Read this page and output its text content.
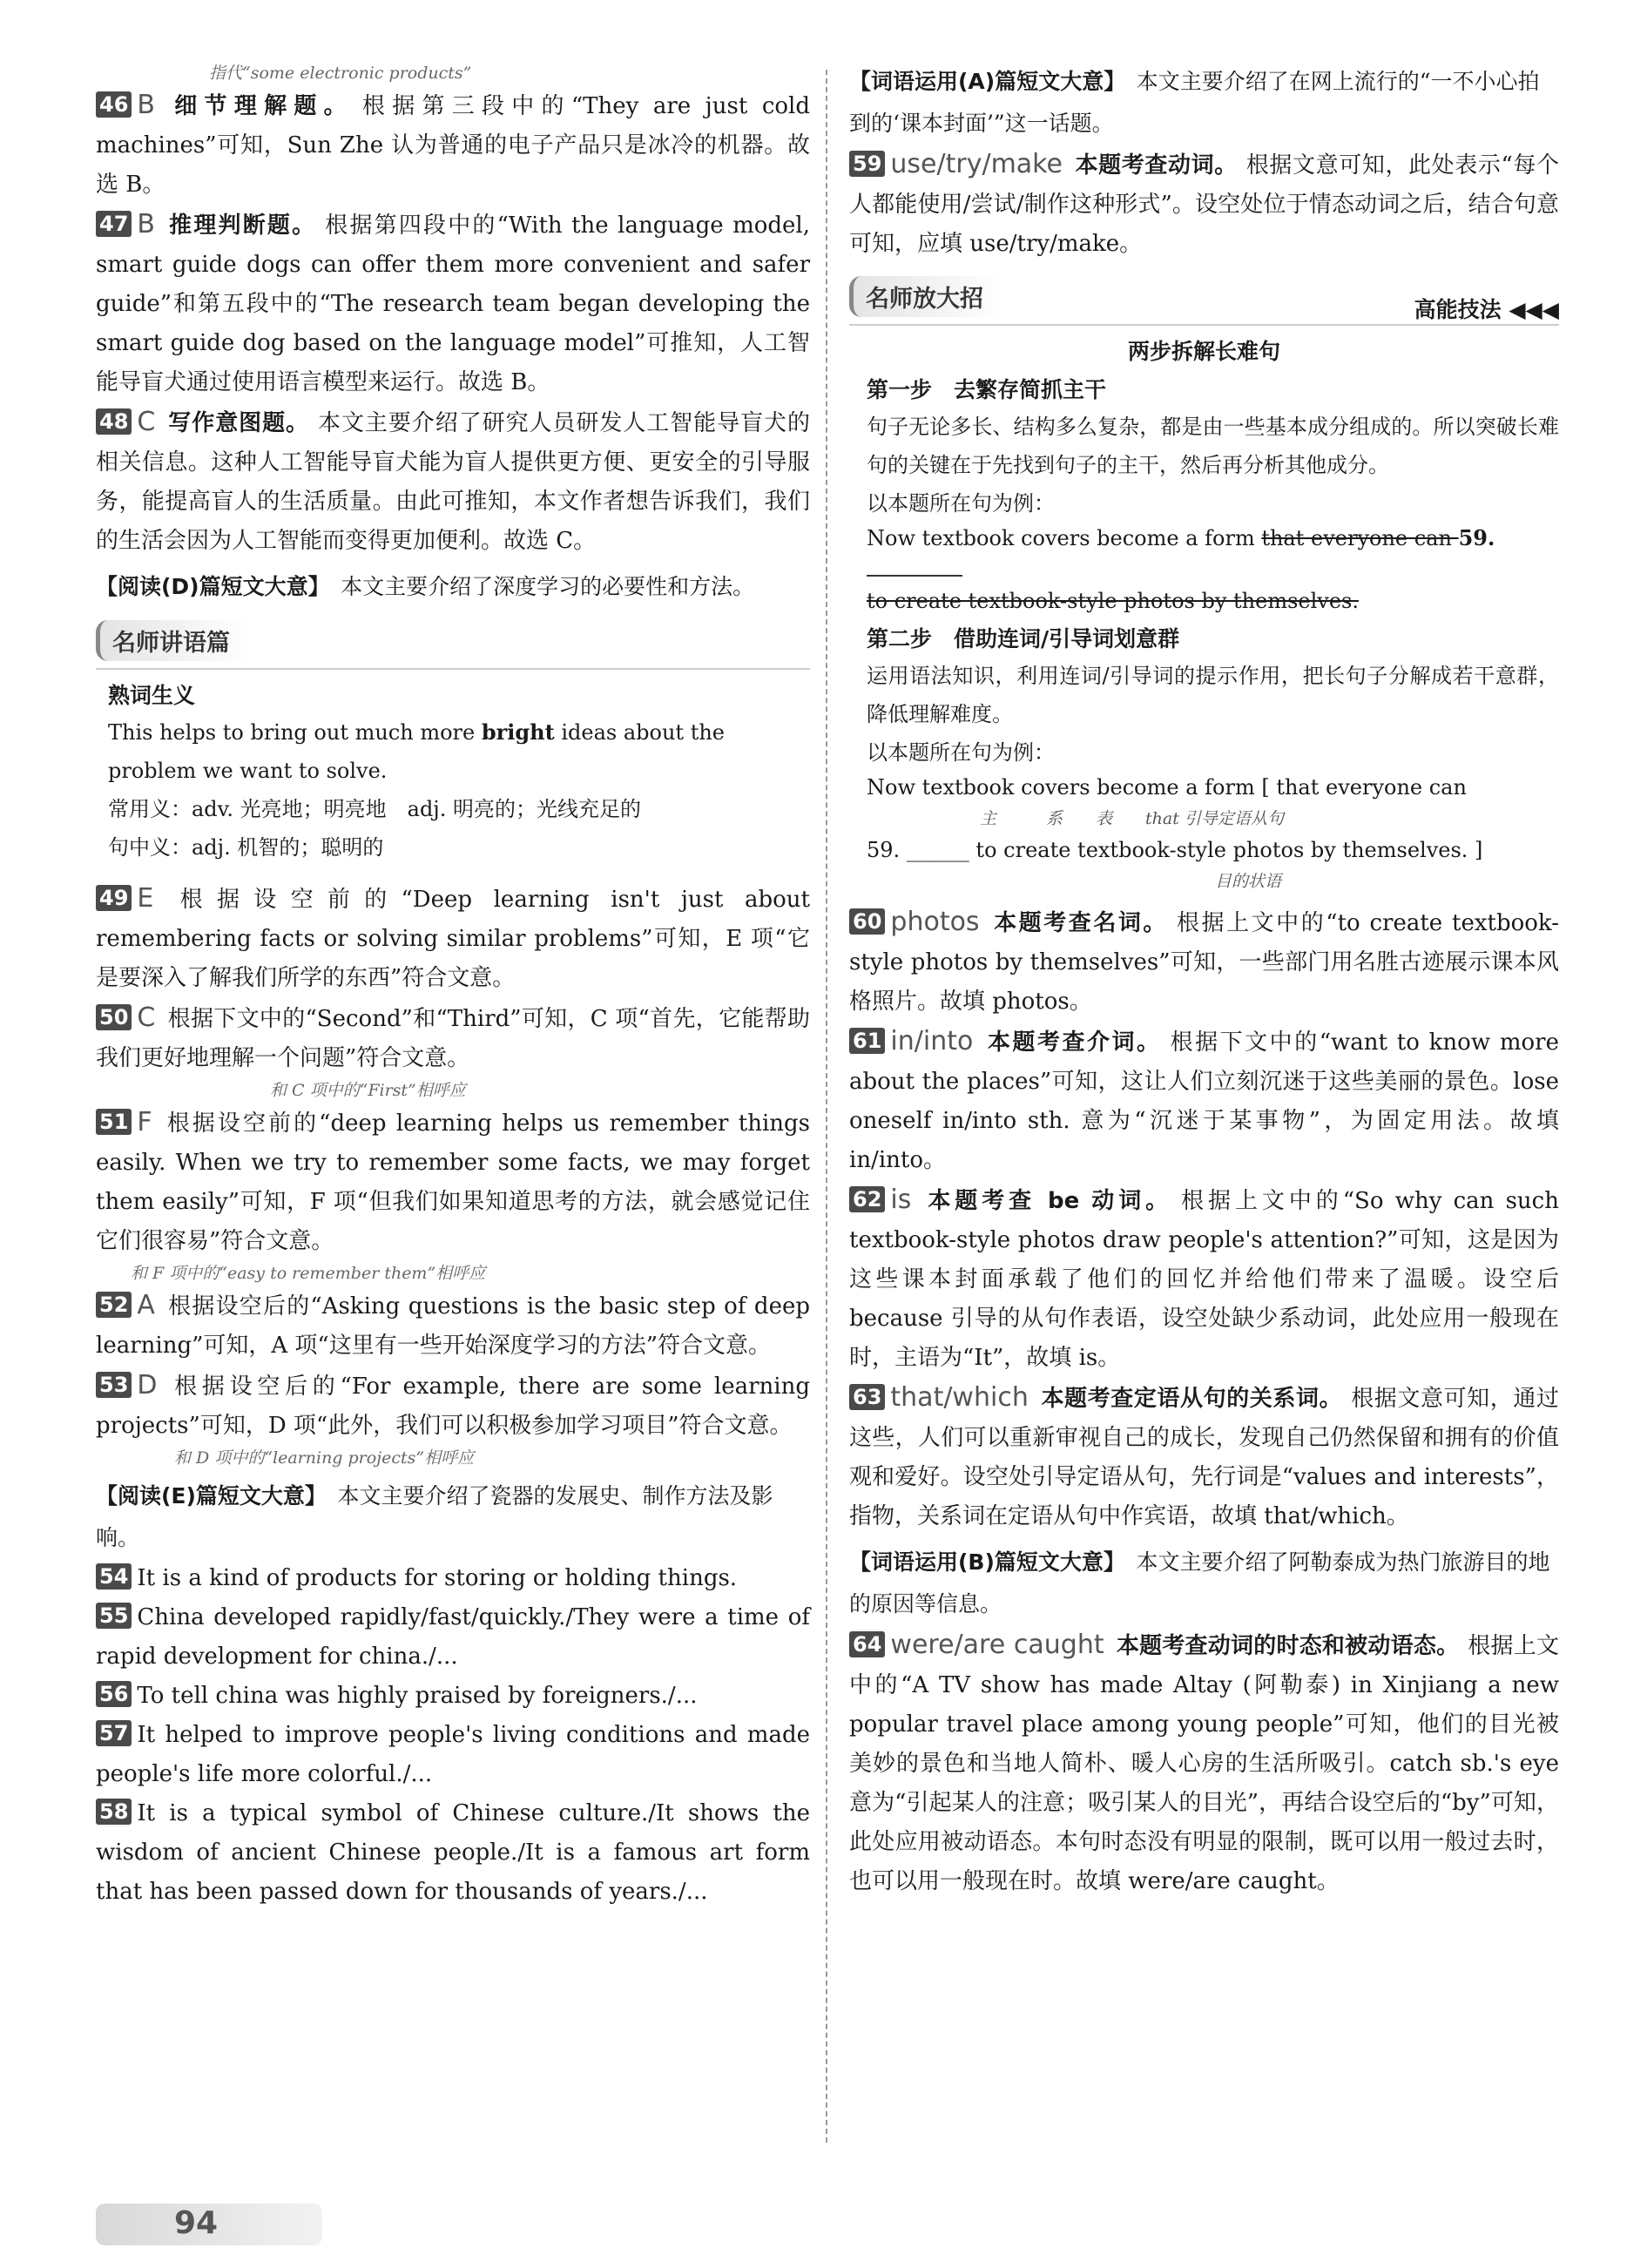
指代“some electronic products”

46 B 细节理解题。 根据第三段中的“They are just cold machines”可知，Sun Zhe 认为普通的电子产品只是冰冷的机器。故选 B。

47 B 推理判断题。 根据第四段中的“With the language model, smart guide dogs can offer them more convenient and safer guide”和第五段中的“The research team began developing the smart guide dog based on the language model”可推知，人工智能导盲犬通过使用语言模型来运行。故选 B。

48 C 写作意图题。 本文主要介绍了研究人员研发人工智能导盲犬的相关信息。这种人工智能导盲犬能为盲人提供更方便、更安全的引导服务，能提高盲人的生活质量。由此可推知，本文作者想告诉我们，我们的生活会因为人工智能而变得更加便利。故选 C。

【阅读(D)篇短文大意】　 本文主要介绍了深度学习的必要性和方法。

名师讲语篇
熟词生义
This helps to bring out much more bright ideas about the problem we want to solve.
常用义：adv. 光亮地；明亮地　adj. 明亮的；光线充足的
句中义：adj. 机智的；聪明的

49 E 根据设空前的“Deep learning isn't just about remembering facts or solving similar problems”可知，E 项“它是要深入了解我们所学的东西”符合文意。

50 C 根据下文中的“Second”和“Third”可知，C 项“首先，它能帮助我们更好地理解一个问题”符合文意。

和 C 项中的“First”相呼应

51 F 根据设空前的“deep learning helps us remember things easily. When we try to remember some facts, we may forget them easily”可知，F 项“但我们如果知道思考的方法，就会感觉记住它们很容易”符合文意。

和 F 项中的“easy to remember them”相呼应

52 A 根据设空后的“Asking questions is the basic step of deep learning”可知，A 项“这里有一些开始深度学习的方法”符合文意。

53 D 根据设空后的“For example, there are some learning projects”可知，D 项“此外，我们可以积极参加学习项目”符合文意。

和 D 项中的“learning projects”相呼应

【阅读(E)篇短文大意】　 本文主要介绍了瓷器的发展史、制作方法及影响。

54 It is a kind of products for storing or holding things.

55 China developed rapidly/fast/quickly./They were a time of rapid development for china./...

56 To tell china was highly praised by foreigners./...

57 It helped to improve people's living conditions and made people's life more colorful./...

58 It is a typical symbol of Chinese culture./It shows the wisdom of ancient Chinese people./It is a famous art form that has been passed down for thousands of years./...

【词语运用(A)篇短文大意】　 本文主要介绍了在网上流行的“一不小心拍到的‘课本封面’”这一话题。

59 use/try/make 本题考查动词。 根据文意可知，此处表示“每个人都能使用/尝试/制作这种形式”。设空处位于情态动词之后，结合句意可知，应填 use/try/make。

名师放大招	高能技法 ◀◀◀
两步拆解长难句
第一步　去繁存简抓主干
句子无论多长、结构多么复杂，都是由一些基本成分组成的。所以突破长难句的关键在于先找到句子的主干，然后再分析其他成分。
以本题所在句为例：
Now textbook covers become a form that everyone can 59.
to create textbook-style photos by themselves.
第二步　借助连词/引导词划意群
运用语法知识，利用连词/引导词的提示作用，把长句子分解成若干意群，降低理解难度。
以本题所在句为例：
Now textbook covers become a form [ that everyone can
主　　　系　　表　　that 引导定语从句
59. ______ to create textbook-style photos by themselves. ]
目的状语

60 photos 本题考查名词。 根据上文中的“to create textbook-style photos by themselves”可知，一些部门用名胜古迹展示课本风格照片。故填 photos。

61 in/into 本题考查介词。 根据下文中的“want to know more about the places”可知，这让人们立刻沉迷于这些美丽的景色。lose oneself in/into sth. 意为“沉迷于某事物”，为固定用法。故填 in/into。

62 is 本题考查 be 动词。 根据上文中的“So why can such textbook-style photos draw people's attention?”可知，这是因为这些课本封面承载了他们的回忆并给他们带来了温暖。设空后 because 引导的从句作表语，设空处缺少系动词，此处应用一般现在时，主语为“It”，故填 is。

63 that/which 本题考查定语从句的关系词。 根据文意可知，通过这些，人们可以重新审视自己的成长，发现自己仍然保留和拥有的价值观和爱好。设空处引导定语从句，先行词是“values and interests”，指物，关系词在定语从句中作宾语，故填 that/which。

【词语运用(B)篇短文大意】　 本文主要介绍了阿勒泰成为热门旅游目的地的原因等信息。

64 were/are caught 本题考查动词的时态和被动语态。 根据上文中的“A TV show has made Altay (阿勒泰) in Xinjiang a new popular travel place among young people”可知，他们的目光被美妙的景色和当地人简朴、暖人心房的生活所吸引。catch sb.'s eye 意为“引起某人的注意；吸引某人的目光”，再结合设空后的“by”可知，此处应用被动语态。本句时态没有明显的限制，既可以用一般过去时，也可以用一般现在时。故填 were/are caught。

94
